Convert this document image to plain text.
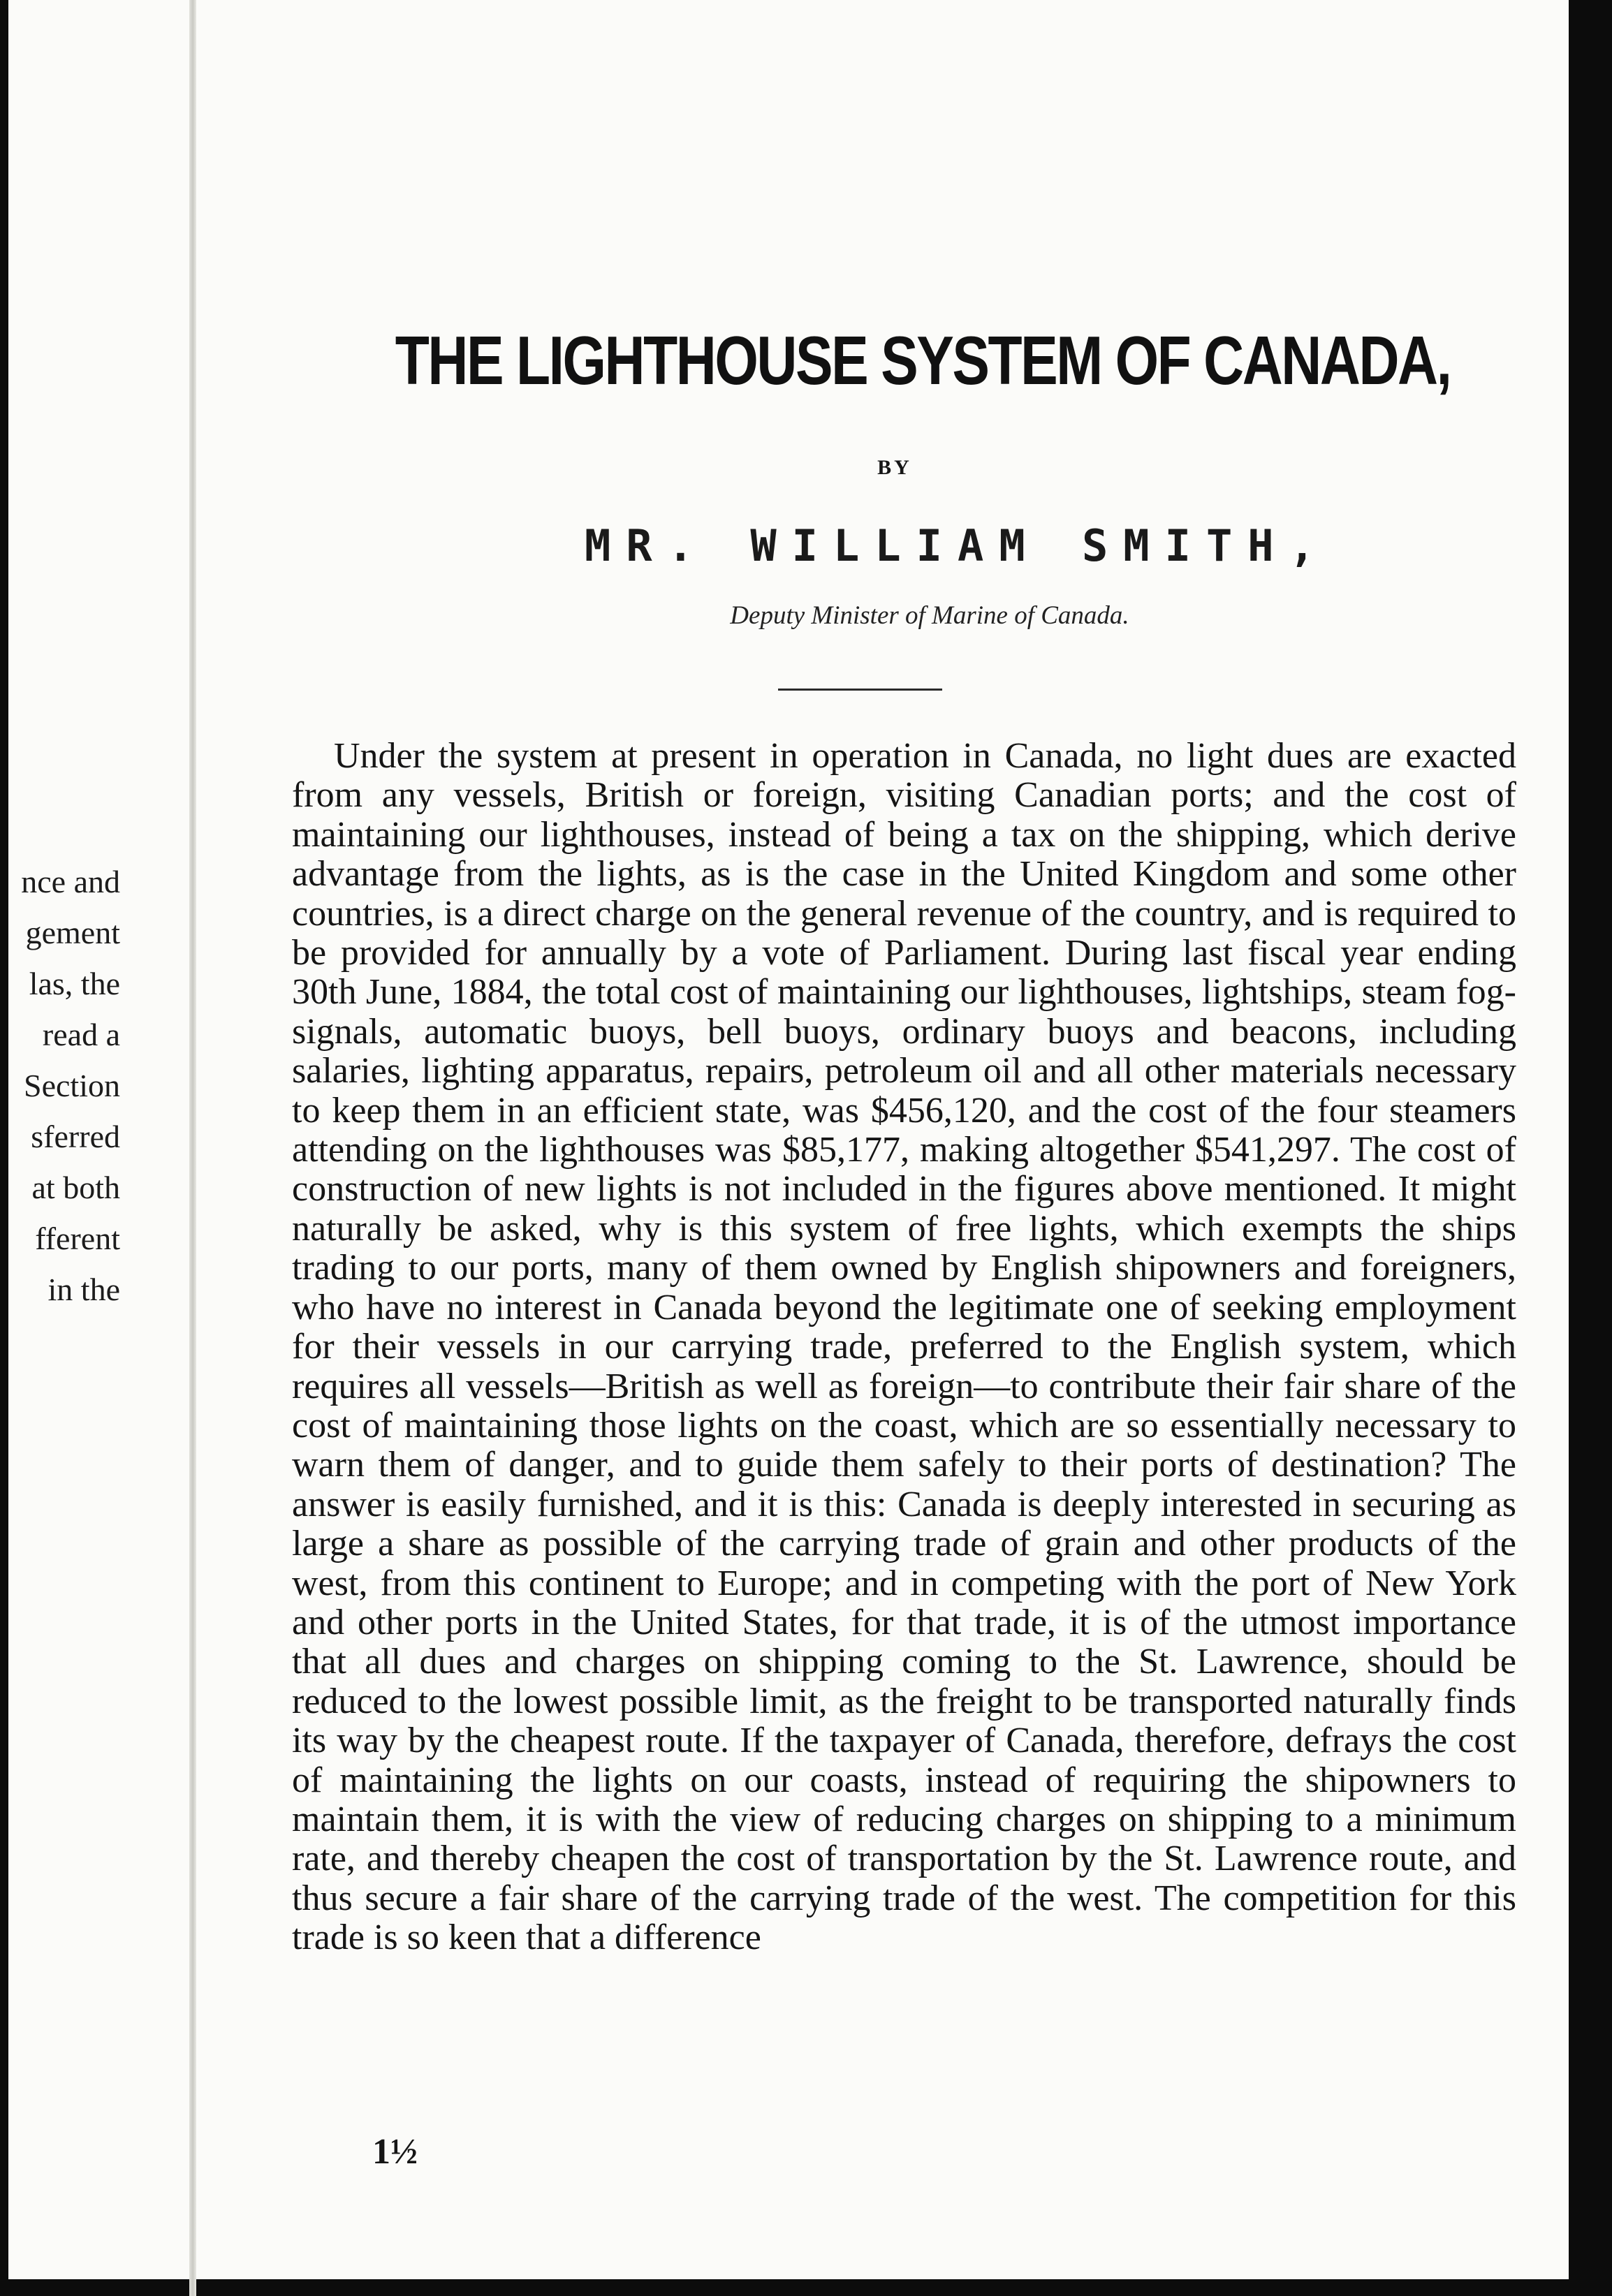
nce and
gement
las, the
read a
Section
sferred
at both
fferent
in the
THE LIGHTHOUSE SYSTEM OF CANADA,
BY
MR. WILLIAM SMITH,
Deputy Minister of Marine of Canada.

Under the system at present in operation in Canada, no light dues are exacted from any vessels, British or foreign, visiting Canadian ports; and the cost of maintaining our lighthouses, instead of being a tax on the shipping, which derive advantage from the lights, as is the case in the United Kingdom and some other countries, is a direct charge on the general revenue of the country, and is required to be provided for annually by a vote of Parliament. During last fiscal year ending 30th June, 1884, the total cost of maintaining our lighthouses, lightships, steam fog-signals, automatic buoys, bell buoys, ordinary buoys and beacons, including salaries, lighting apparatus, repairs, petroleum oil and all other materials necessary to keep them in an efficient state, was $456,120, and the cost of the four steamers attending on the lighthouses was $85,177, making altogether $541,297. The cost of construction of new lights is not included in the figures above mentioned. It might naturally be asked, why is this system of free lights, which exempts the ships trading to our ports, many of them owned by English shipowners and foreigners, who have no interest in Canada beyond the legitimate one of seeking employment for their vessels in our carrying trade, preferred to the English system, which requires all vessels—British as well as foreign—to contribute their fair share of the cost of maintaining those lights on the coast, which are so essentially necessary to warn them of danger, and to guide them safely to their ports of destination? The answer is easily furnished, and it is this: Canada is deeply interested in securing as large a share as possible of the carrying trade of grain and other products of the west, from this continent to Europe; and in competing with the port of New York and other ports in the United States, for that trade, it is of the utmost importance that all dues and charges on shipping coming to the St. Lawrence, should be reduced to the lowest possible limit, as the freight to be transported naturally finds its way by the cheapest route. If the taxpayer of Canada, therefore, defrays the cost of maintaining the lights on our coasts, instead of requiring the shipowners to maintain them, it is with the view of reducing charges on shipping to a minimum rate, and thereby cheapen the cost of transportation by the St. Lawrence route, and thus secure a fair share of the carrying trade of the west. The competition for this trade is so keen that a difference

1½
